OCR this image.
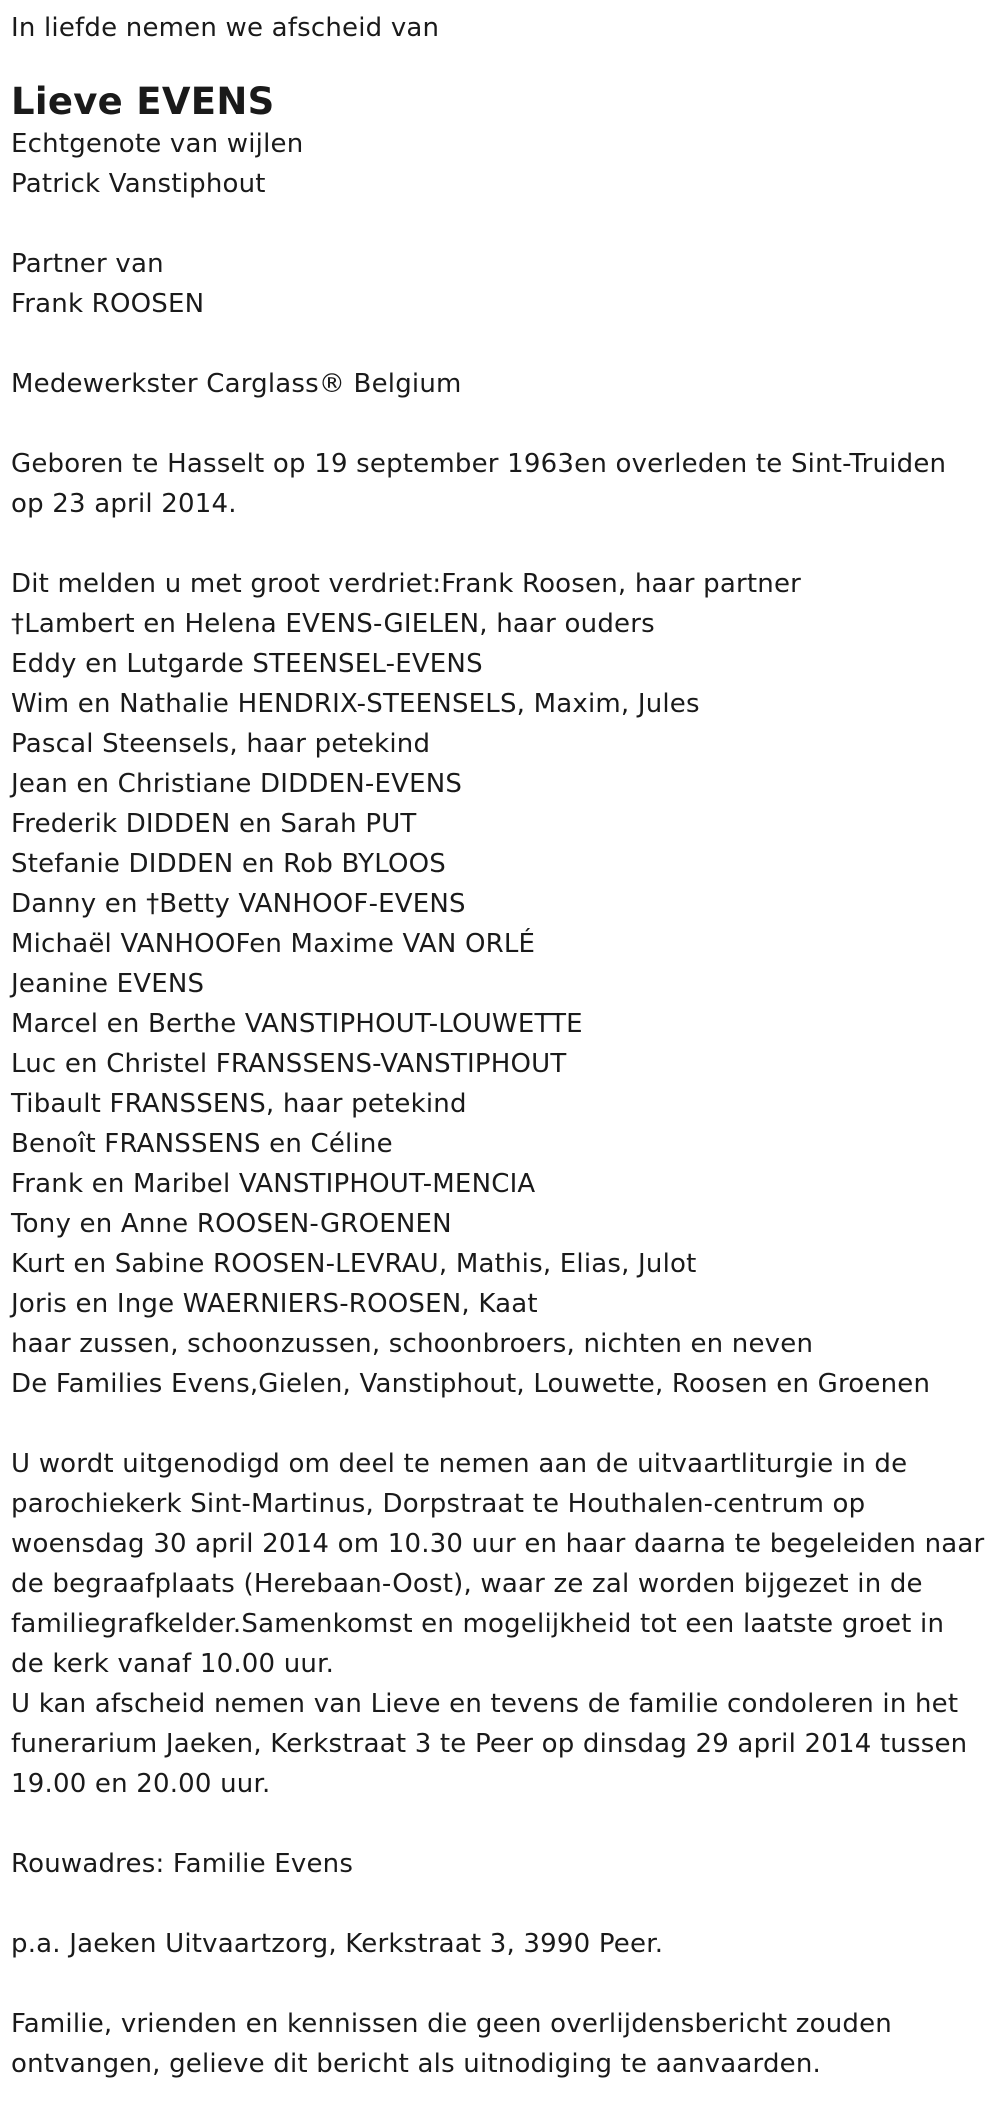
In liefde nemen we afscheid van

Lieve EVENS

Echtgenote van wijlen

Patrick Vanstiphout

Partner van

Frank ROOSEN

Medewerkster Carglass® Belgium

Geboren te Hasselt op 19 september 1963en overleden te Sint-Truiden

op 23 april 2014.

Dit melden u met groot verdriet:Frank Roosen, haar partner
†Lambert en Helena EVENS-GIELEN, haar ouders
Eddy en Lutgarde STEENSEL-EVENS
Wim en Nathalie HENDRIX-STEENSELS, Maxim, Jules
Pascal Steensels, haar petekind
Jean en Christiane DIDDEN-EVENS
Frederik DIDDEN en Sarah PUT
Stefanie DIDDEN en Rob BYLOOS
Danny en †Betty VANHOOF-EVENS
Michaël VANHOOFen Maxime VAN ORLÉ
Jeanine EVENS
Marcel en Berthe VANSTIPHOUT-LOUWETTE
Luc en Christel FRANSSENS-VANSTIPHOUT
Tibault FRANSSENS, haar petekind
Benoît FRANSSENS en Céline
Frank en Maribel VANSTIPHOUT-MENCIA
Tony en Anne ROOSEN-GROENEN
Kurt en Sabine ROOSEN-LEVRAU, Mathis, Elias, Julot
Joris en Inge WAERNIERS-ROOSEN, Kaat
haar zussen, schoonzussen, schoonbroers, nichten en neven
De Families Evens,Gielen, Vanstiphout, Louwette, Roosen en Groenen

U wordt uitgenodigd om deel te nemen aan de uitvaartliturgie in de

parochiekerk Sint-Martinus, Dorpstraat te Houthalen-centrum op

woensdag 30 april 2014 om 10.30 uur en haar daarna te begeleiden naar

de begraafplaats (Herebaan-Oost), waar ze zal worden bijgezet in de

familiegrafkelder.Samenkomst en mogelijkheid tot een laatste groet in

de kerk vanaf 10.00 uur.

U kan afscheid nemen van Lieve en tevens de familie condoleren in het

funerarium Jaeken, Kerkstraat 3 te Peer op dinsdag 29 april 2014 tussen

19.00 en 20.00 uur.

Rouwadres: Familie Evens

p.a. Jaeken Uitvaartzorg, Kerkstraat 3, 3990 Peer.

Familie, vrienden en kennissen die geen overlijdensbericht zouden

ontvangen, gelieve dit bericht als uitnodiging te aanvaarden.
